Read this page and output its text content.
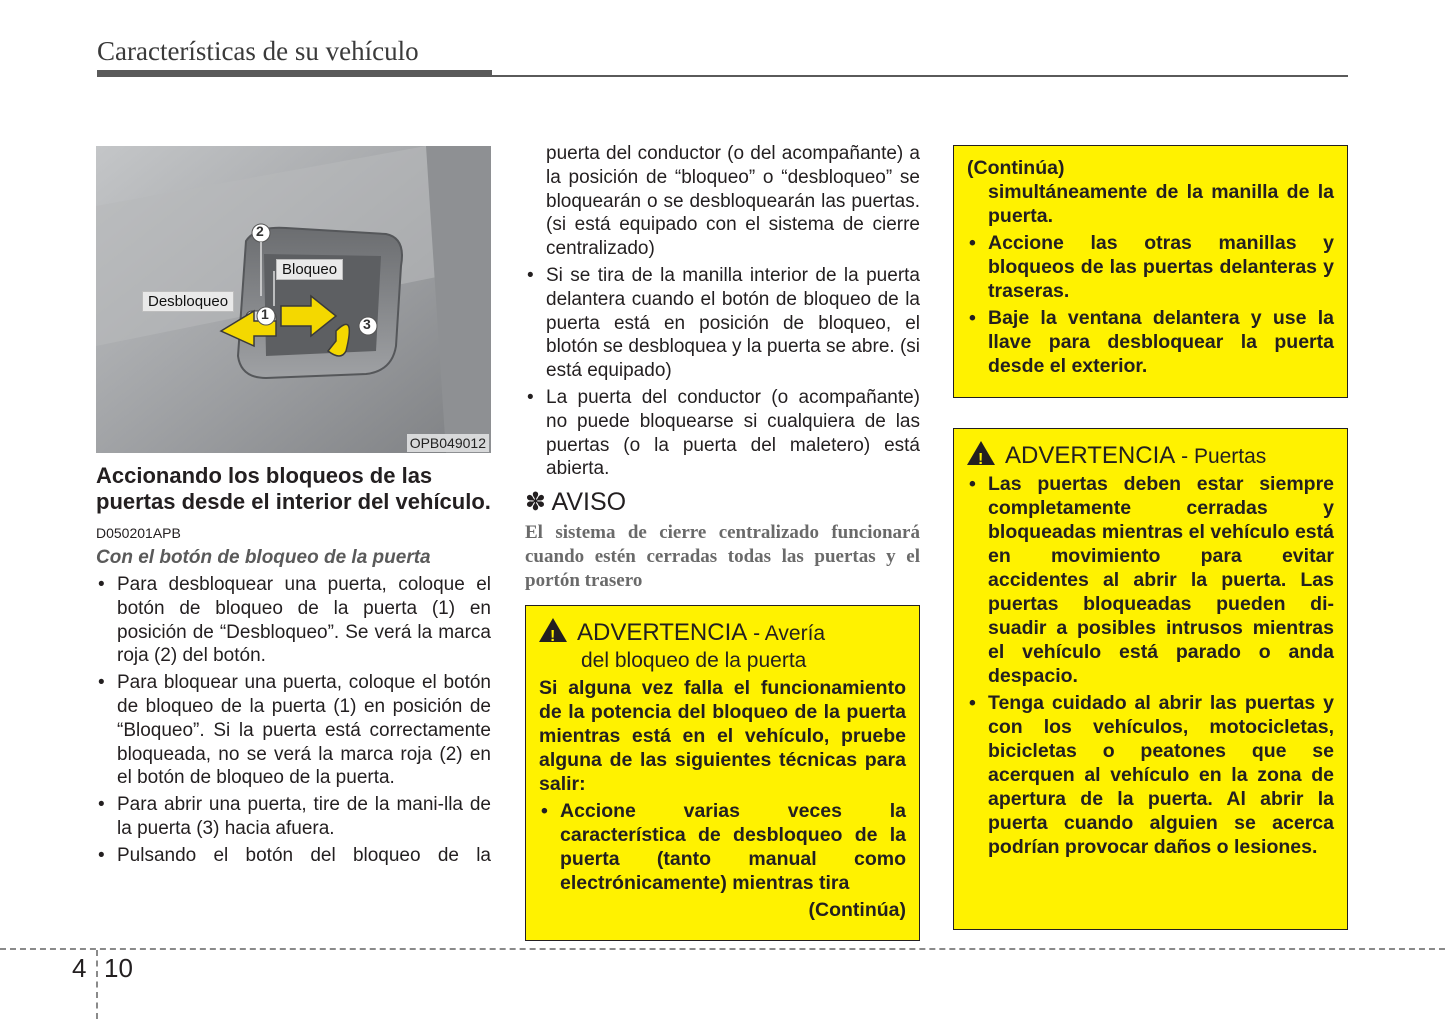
Características de su vehículo
Bloqueo
Desbloqueo
2
1
3
OPB049012
Accionando los bloqueos de las puertas desde el interior del vehículo.
D050201APB
Con el botón de bloqueo de la puerta
• Para desbloquear una puerta, coloque el botón de bloqueo de la puerta (1) en posición de “Desbloqueo”. Se verá la marca roja (2) del botón.
• Para bloquear una puerta, coloque el botón de bloqueo de la puerta (1) en posición de “Bloqueo”. Si la puerta está correctamente bloqueada, no se verá la marca roja (2) en el botón de bloqueo de la puerta.
• Para abrir una puerta, tire de la mani-lla de la puerta (3) hacia afuera.
• Pulsando el botón del bloqueo de la
puerta del conductor (o del acompañante) a la posición de “bloqueo” o “desbloqueo” se bloquearán o se desbloquearán las puertas. (si está equipado con el sistema de cierre centralizado)
• Si se tira de la manilla interior de la puerta delantera cuando el botón de bloqueo de la puerta está en posición de bloqueo, el blotón se desbloquea y la puerta se abre. (si está equipado)
• La puerta del conductor (o acompañante) no puede bloquearse si cualquiera de las puertas (o la puerta del maletero) está abierta.
✽ AVISO
El sistema de cierre centralizado funcionará cuando estén cerradas todas las puertas y el portón trasero
!ADVERTENCIA - Avería
del bloqueo de la puerta
Si alguna vez falla el funcionamiento de la potencia del bloqueo de la puerta mientras está en el vehículo, pruebe alguna de las siguientes técnicas para salir:
• Accione varias veces la característica de desbloqueo de la puerta (tanto manual como electrónicamente) mientras tira
(Continúa)
(Continúa)
simultáneamente de la manilla de la puerta.
• Accione las otras manillas y bloqueos de las puertas delanteras y traseras.
• Baje la ventana delantera y use la llave para desbloquear la puerta desde el exterior.
!ADVERTENCIA - Puertas
• Las puertas deben estar siempre completamente cerradas y bloqueadas mientras el vehículo está en movimiento para evitar accidentes al abrir la puerta. Las puertas bloqueadas pueden di-suadir a posibles intrusos mientras el vehículo está parado o anda despacio.
• Tenga cuidado al abrir las puertas y con los vehículos, motocicletas, bicicletas o peatones que se acerquen al vehículo en la zona de apertura de la puerta. Al abrir la puerta cuando alguien se acerca podrían provocar daños o lesiones.
4 10
